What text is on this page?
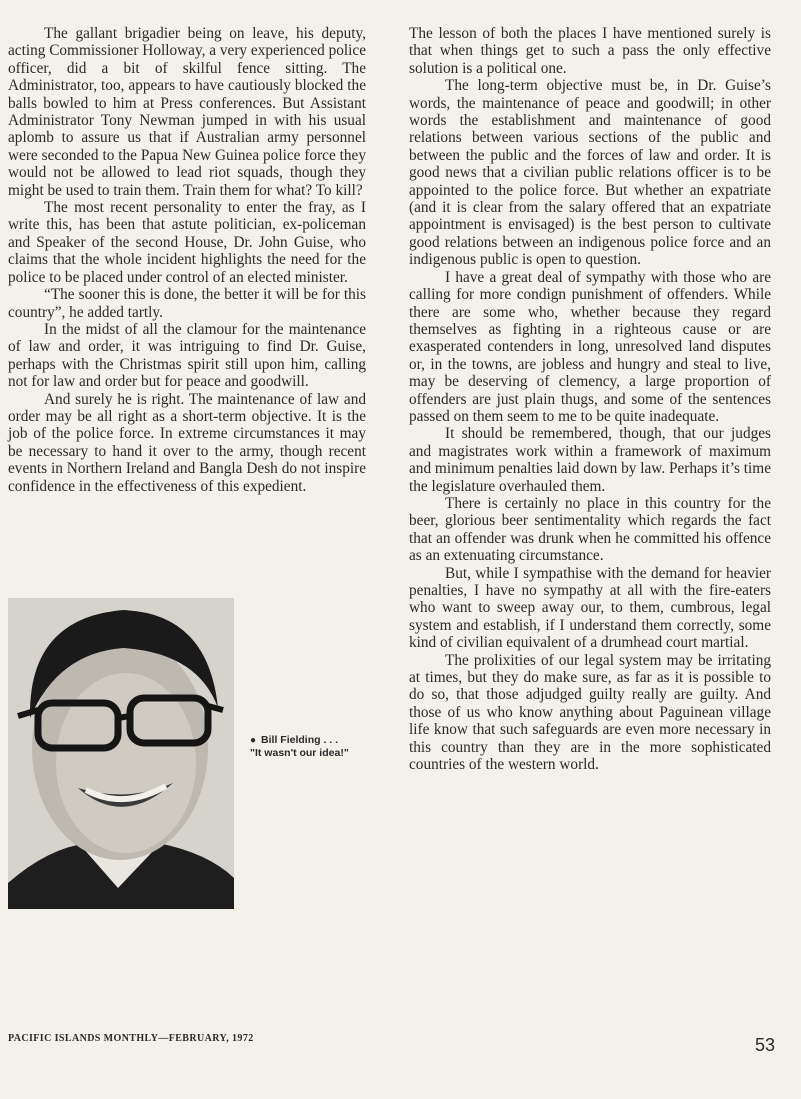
The gallant brigadier being on leave, his deputy, acting Commissioner Holloway, a very experienced police officer, did a bit of skilful fence sitting. The Administrator, too, appears to have cautiously blocked the balls bowled to him at Press conferences. But Assistant Administrator Tony Newman jumped in with his usual aplomb to assure us that if Australian army personnel were seconded to the Papua New Guinea police force they would not be allowed to lead riot squads, though they might be used to train them. Train them for what? To kill?

The most recent personality to enter the fray, as I write this, has been that astute politician, ex-policeman and Speaker of the second House, Dr. John Guise, who claims that the whole incident highlights the need for the police to be placed under control of an elected minister.

“The sooner this is done, the better it will be for this country”, he added tartly.

In the midst of all the clamour for the maintenance of law and order, it was intriguing to find Dr. Guise, perhaps with the Christmas spirit still upon him, calling not for law and order but for peace and goodwill.

And surely he is right. The maintenance of law and order may be all right as a short-term objective. It is the job of the police force. In extreme circumstances it may be necessary to hand it over to the army, though recent events in Northern Ireland and Bangla Desh do not inspire confidence in the effectiveness of this expedient.

● Bill Fielding . . .
"It wasn't our idea!"

The lesson of both the places I have mentioned surely is that when things get to such a pass the only effective solution is a political one.

The long-term objective must be, in Dr. Guise’s words, the maintenance of peace and goodwill; in other words the establishment and maintenance of good relations between various sections of the public and between the public and the forces of law and order. It is good news that a civilian public relations officer is to be appointed to the police force. But whether an expatriate (and it is clear from the salary offered that an expatriate appointment is envisaged) is the best person to cultivate good relations between an indigenous police force and an indigenous public is open to question.

I have a great deal of sympathy with those who are calling for more condign punishment of offenders. While there are some who, whether because they regard themselves as fighting in a righteous cause or are exasperated contenders in long, unresolved land disputes or, in the towns, are jobless and hungry and steal to live, may be deserving of clemency, a large proportion of offenders are just plain thugs, and some of the sentences passed on them seem to me to be quite inadequate.

It should be remembered, though, that our judges and magistrates work within a framework of maximum and minimum penalties laid down by law. Perhaps it’s time the legislature overhauled them.

There is certainly no place in this country for the beer, glorious beer sentimentality which regards the fact that an offender was drunk when he committed his offence as an extenuating circumstance.

But, while I sympathise with the demand for heavier penalties, I have no sympathy at all with the fire-eaters who want to sweep away our, to them, cumbrous, legal system and establish, if I understand them correctly, some kind of civilian equivalent of a drumhead court martial.

The prolixities of our legal system may be irritating at times, but they do make sure, as far as it is possible to do so, that those adjudged guilty really are guilty. And those of us who know anything about Paguinean village life know that such safeguards are even more necessary in this country than they are in the more sophisticated countries of the western world.

PACIFIC ISLANDS MONTHLY—FEBRUARY, 1972	53
